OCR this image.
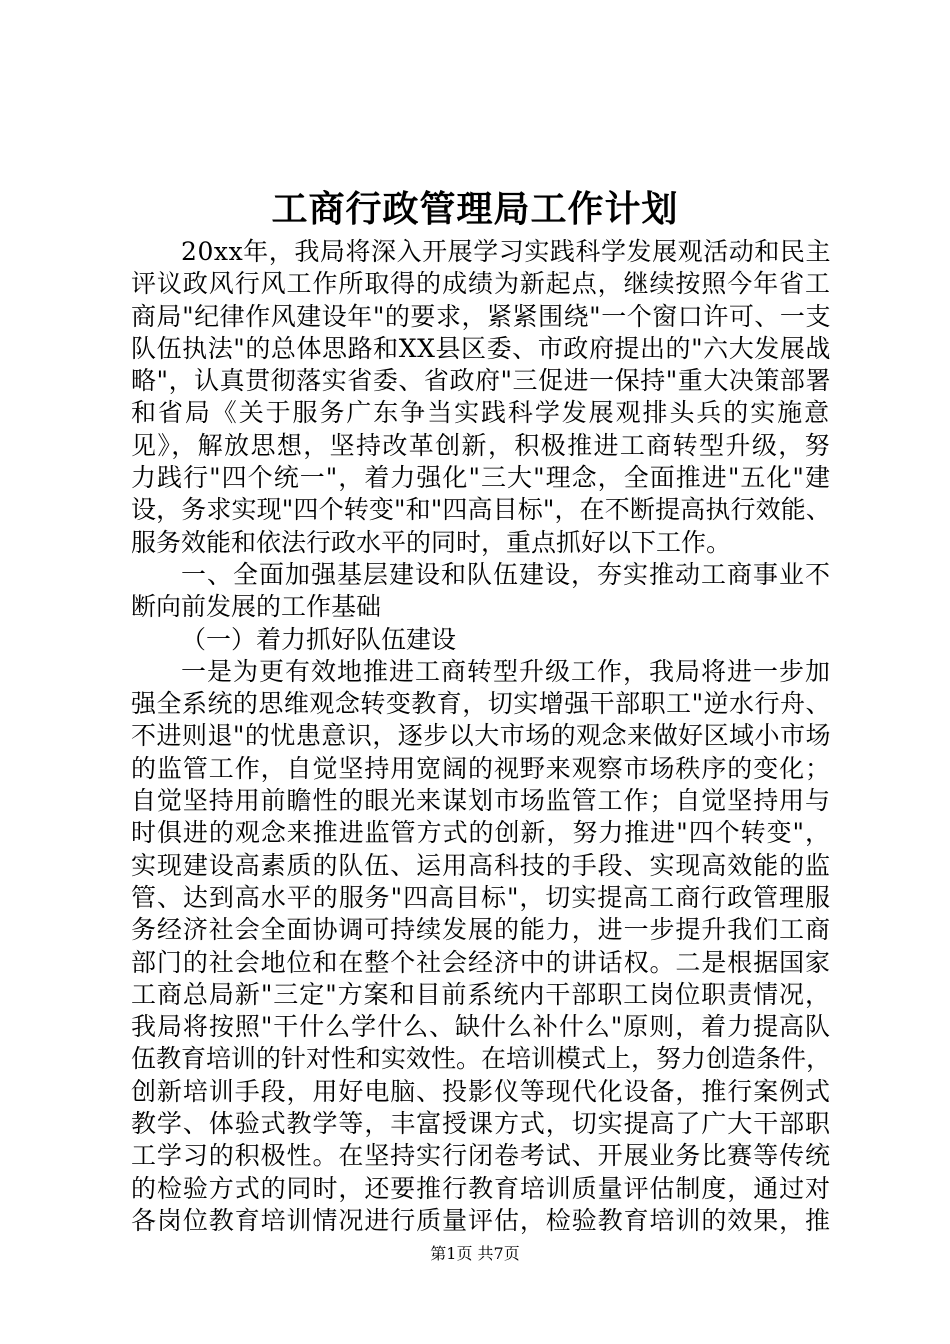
工商行政管理局工作计划
20xx年，我局将深入开展学习实践科学发展观活动和民主
评议政风行风工作所取得的成绩为新起点，继续按照今年省工
商局"纪律作风建设年"的要求，紧紧围绕"一个窗口许可、一支
队伍执法"的总体思路和XX县区委、市政府提出的"六大发展战
略"，认真贯彻落实省委、省政府"三促进一保持"重大决策部署
和省局《关于服务广东争当实践科学发展观排头兵的实施意
见》，解放思想，坚持改革创新，积极推进工商转型升级，努
力践行"四个统一"，着力强化"三大"理念，全面推进"五化"建
设，务求实现"四个转变"和"四高目标"，在不断提高执行效能、
服务效能和依法行政水平的同时，重点抓好以下工作。
一、全面加强基层建设和队伍建设，夯实推动工商事业不
断向前发展的工作基础
（一）着力抓好队伍建设
一是为更有效地推进工商转型升级工作，我局将进一步加
强全系统的思维观念转变教育，切实增强干部职工"逆水行舟、
不进则退"的忧患意识，逐步以大市场的观念来做好区域小市场
的监管工作，自觉坚持用宽阔的视野来观察市场秩序的变化；
自觉坚持用前瞻性的眼光来谋划市场监管工作；自觉坚持用与
时俱进的观念来推进监管方式的创新，努力推进"四个转变"，
实现建设高素质的队伍、运用高科技的手段、实现高效能的监
管、达到高水平的服务"四高目标"，切实提高工商行政管理服
务经济社会全面协调可持续发展的能力，进一步提升我们工商
部门的社会地位和在整个社会经济中的讲话权。二是根据国家
工商总局新"三定"方案和目前系统内干部职工岗位职责情况，
我局将按照"干什么学什么、缺什么补什么"原则，着力提高队
伍教育培训的针对性和实效性。在培训模式上，努力创造条件，
创新培训手段，用好电脑、投影仪等现代化设备，推行案例式
教学、体验式教学等，丰富授课方式，切实提高了广大干部职
工学习的积极性。在坚持实行闭卷考试、开展业务比赛等传统
的检验方式的同时，还要推行教育培训质量评估制度，通过对
各岗位教育培训情况进行质量评估，检验教育培训的效果，推
第1页 共7页
